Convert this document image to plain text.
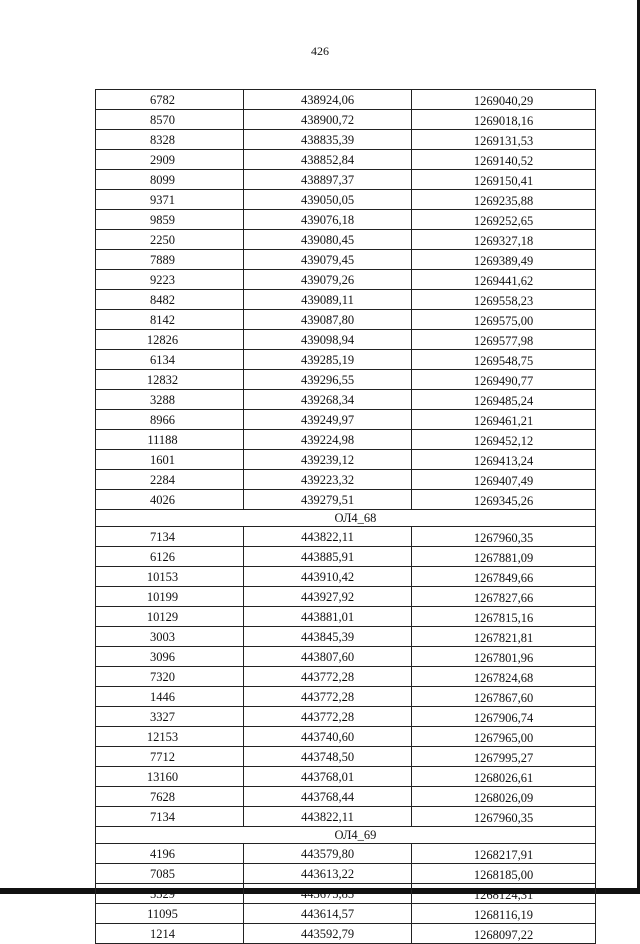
426
6782	438924,06	1269040,29
8570	438900,72	1269018,16
8328	438835,39	1269131,53
2909	438852,84	1269140,52
8099	438897,37	1269150,41
9371	439050,05	1269235,88
9859	439076,18	1269252,65
2250	439080,45	1269327,18
7889	439079,45	1269389,49
9223	439079,26	1269441,62
8482	439089,11	1269558,23
8142	439087,80	1269575,00
12826	439098,94	1269577,98
6134	439285,19	1269548,75
12832	439296,55	1269490,77
3288	439268,34	1269485,24
8966	439249,97	1269461,21
11188	439224,98	1269452,12
1601	439239,12	1269413,24
2284	439223,32	1269407,49
4026	439279,51	1269345,26
ОЛ4_68		
7134	443822,11	1267960,35
6126	443885,91	1267881,09
10153	443910,42	1267849,66
10199	443927,92	1267827,66
10129	443881,01	1267815,16
3003	443845,39	1267821,81
3096	443807,60	1267801,96
7320	443772,28	1267824,68
1446	443772,28	1267867,60
3327	443772,28	1267906,74
12153	443740,60	1267965,00
7712	443748,50	1267995,27
13160	443768,01	1268026,61
7628	443768,44	1268026,09
7134	443822,11	1267960,35
ОЛ4_69		
4196	443579,80	1268217,91
7085	443613,22	1268185,00
5329	443675,85	1268124,31
11095	443614,57	1268116,19
1214	443592,79	1268097,22
